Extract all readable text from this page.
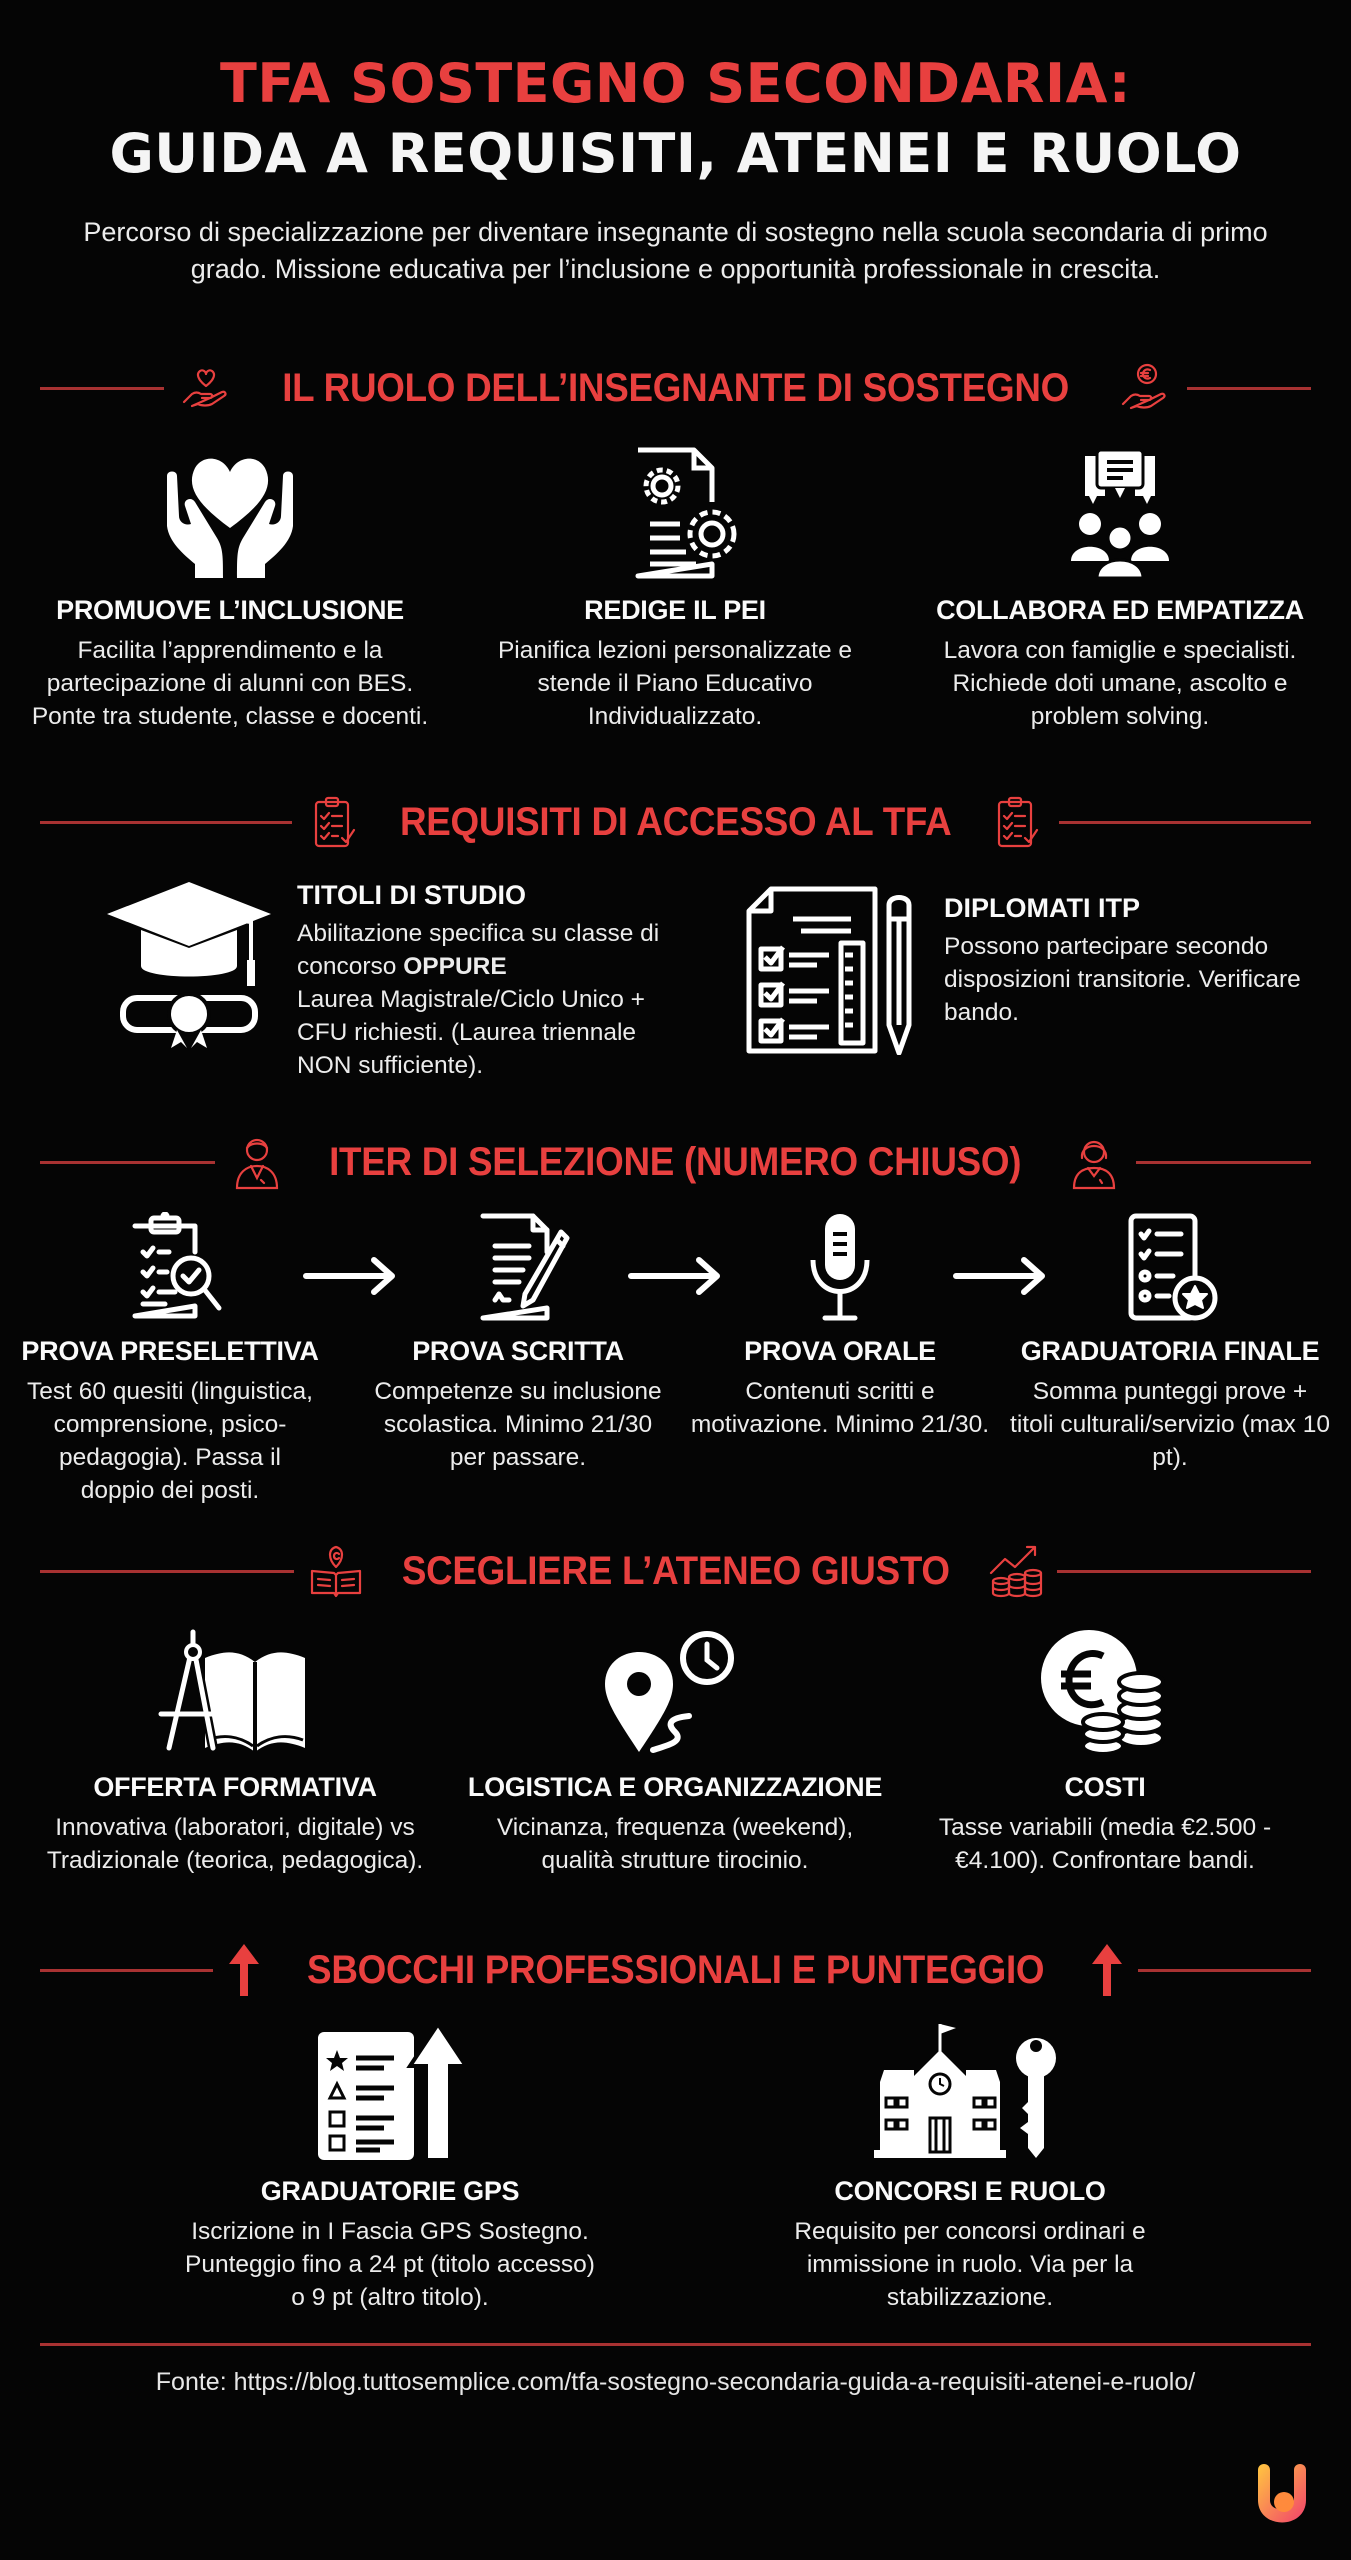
TFA SOSTEGNO SECONDARIA:
GUIDA A REQUISITI, ATENEI E RUOLO
Percorso di specializzazione per diventare insegnante di sostegno nella scuola secondaria di primo grado. Missione educativa per l’inclusione e opportunità professionale in crescita.
IL RUOLO DELL’INSEGNANTE DI SOSTEGNO
PROMUOVE L’INCLUSIONE

Facilita l’apprendimento e la partecipazione di alunni con BES. Ponte tra studente, classe e docenti.

REDIGE IL PEI

Pianifica lezioni personalizzate e stende il Piano Educativo Individualizzato.

COLLABORA ED EMPATIZZA

Lavora con famiglie e specialisti. Richiede doti umane, ascolto e problem solving.

REQUISITI DI ACCESSO AL TFA
TITOLI DI STUDIO

Abilitazione specifica su classe di concorso OPPURE
Laurea Magistrale/Ciclo Unico + CFU richiesti. (Laurea triennale NON sufficiente).

DIPLOMATI ITP

Possono partecipare secondo disposizioni transitorie. Verificare bando.

ITER DI SELEZIONE (NUMERO CHIUSO)
PROVA PRESELETTIVA

Test 60 quesiti (linguistica, comprensione, psico-pedagogia). Passa il doppio dei posti.

PROVA SCRITTA

Competenze su inclusione scolastica. Minimo 21/30 per passare.

PROVA ORALE

Contenuti scritti e motivazione. Minimo 21/30.

GRADUATORIA FINALE

Somma punteggi prove + titoli culturali/servizio (max 10 pt).

SCEGLIERE L’ATENEO GIUSTO
OFFERTA FORMATIVA

Innovativa (laboratori, digitale) vs Tradizionale (teorica, pedagogica).

LOGISTICA E ORGANIZZAZIONE

Vicinanza, frequenza (weekend), qualità strutture tirocinio.

COSTI

Tasse variabili (media €2.500 - €4.100). Confrontare bandi.

SBOCCHI PROFESSIONALI E PUNTEGGIO
GRADUATORIE GPS

Iscrizione in I Fascia GPS Sostegno. Punteggio fino a 24 pt (titolo accesso) o 9 pt (altro titolo).

CONCORSI E RUOLO

Requisito per concorsi ordinari e immissione in ruolo. Via per la stabilizzazione.

Fonte: https://blog.tuttosemplice.com/tfa-sostegno-secondaria-guida-a-requisiti-atenei-e-ruolo/
